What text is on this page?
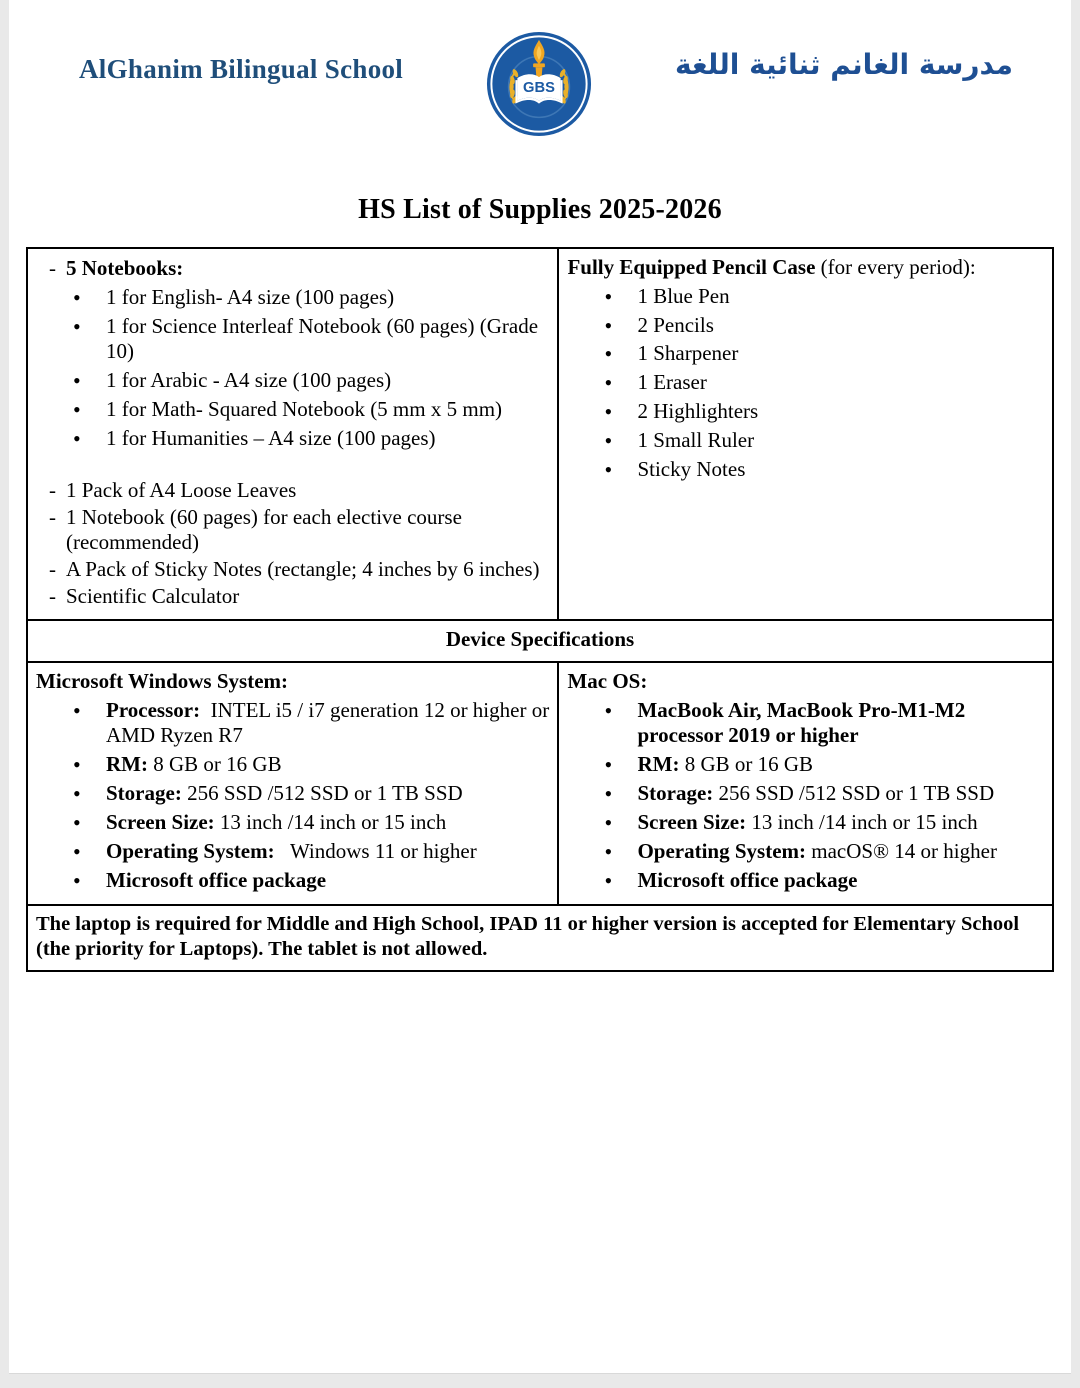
AlGhanim Bilingual School
GBS
مدرسة الغانم ثنائية اللغة
HS List of Supplies 2025-2026
- 5 Notebooks:
• 1 for English- A4 size (100 pages)
• 1 for Science Interleaf Notebook (60 pages) (Grade 10)
• 1 for Arabic - A4 size (100 pages)
• 1 for Math- Squared Notebook (5 mm x 5 mm)
• 1 for Humanities – A4 size (100 pages)
- 1 Pack of A4 Loose Leaves
- 1 Notebook (60 pages) for each elective course (recommended)
- A Pack of Sticky Notes (rectangle; 4 inches by 6 inches)
- Scientific Calculator

Fully Equipped Pencil Case (for every period):
• 1 Blue Pen
• 2 Pencils
• 1 Sharpener
• 1 Eraser
• 2 Highlighters
• 1 Small Ruler
• Sticky Notes

Device Specifications	

Microsoft Windows System:
• Processor:  INTEL i5 / i7 generation 12 or higher or AMD Ryzen R7
• RM: 8 GB or 16 GB
• Storage: 256 SSD /512 SSD or 1 TB SSD
• Screen Size: 13 inch /14 inch or 15 inch
• Operating System:   Windows 11 or higher
• Microsoft office package

Mac OS:
• MacBook Air, MacBook Pro-M1-M2 processor 2019 or higher
• RM: 8 GB or 16 GB
• Storage: 256 SSD /512 SSD or 1 TB SSD
• Screen Size: 13 inch /14 inch or 15 inch
• Operating System: macOS® 14 or higher
• Microsoft office package

The laptop is required for Middle and High School, IPAD 11 or higher version is accepted for Elementary School (the priority for Laptops). The tablet is not allowed.	
